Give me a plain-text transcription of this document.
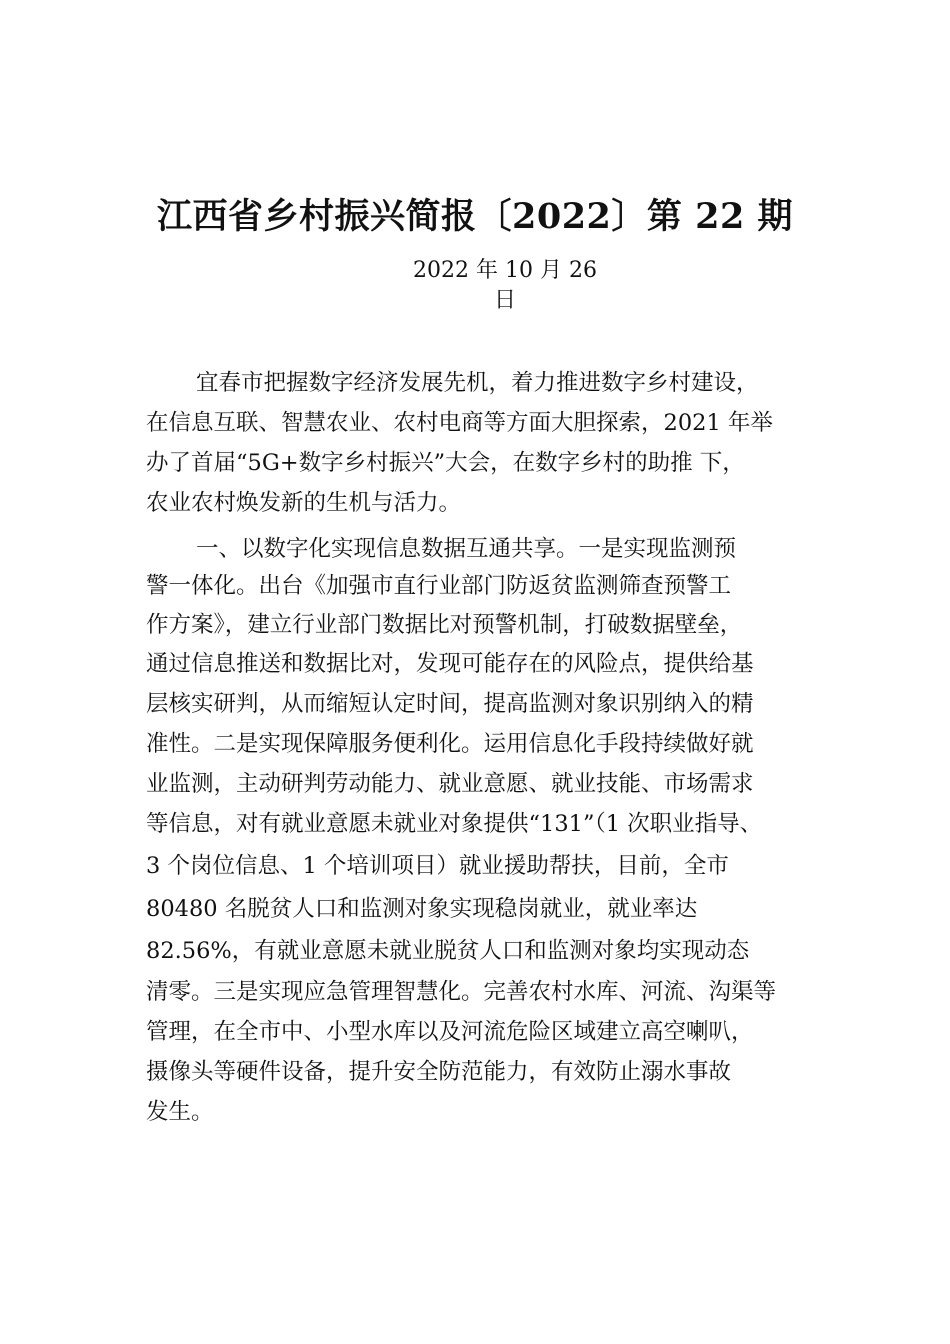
江西省乡村振兴简报〔2022〕第 22 期
2022 年 10 月 26
日
宜春市把握数字经济发展先机，着力推进数字乡村建设，
在信息互联、智慧农业、农村电商等方面大胆探索，2021 年举
办了首届“5G+数字乡村振兴”大会，在数字乡村的助推 下，
农业农村焕发新的生机与活力。
一、以数字化实现信息数据互通共享。一是实现监测预
警一体化。出台《加强市直行业部门防返贫监测筛查预警工
作方案》，建立行业部门数据比对预警机制，打破数据壁垒，
通过信息推送和数据比对，发现可能存在的风险点，提供给基
层核实研判，从而缩短认定时间，提高监测对象识别纳入的精
准性。二是实现保障服务便利化。运用信息化手段持续做好就
业监测，主动研判劳动能力、就业意愿、就业技能、市场需求
等信息，对有就业意愿未就业对象提供“131”（1 次职业指导、
3 个岗位信息、1 个培训项目）就业援助帮扶，目前，全市
80480 名脱贫人口和监测对象实现稳岗就业，就业率达
82.56%，有就业意愿未就业脱贫人口和监测对象均实现动态
清零。三是实现应急管理智慧化。完善农村水库、河流、沟渠等
管理，在全市中、小型水库以及河流危险区域建立高空喇叭，
摄像头等硬件设备，提升安全防范能力，有效防止溺水事故
发生。
